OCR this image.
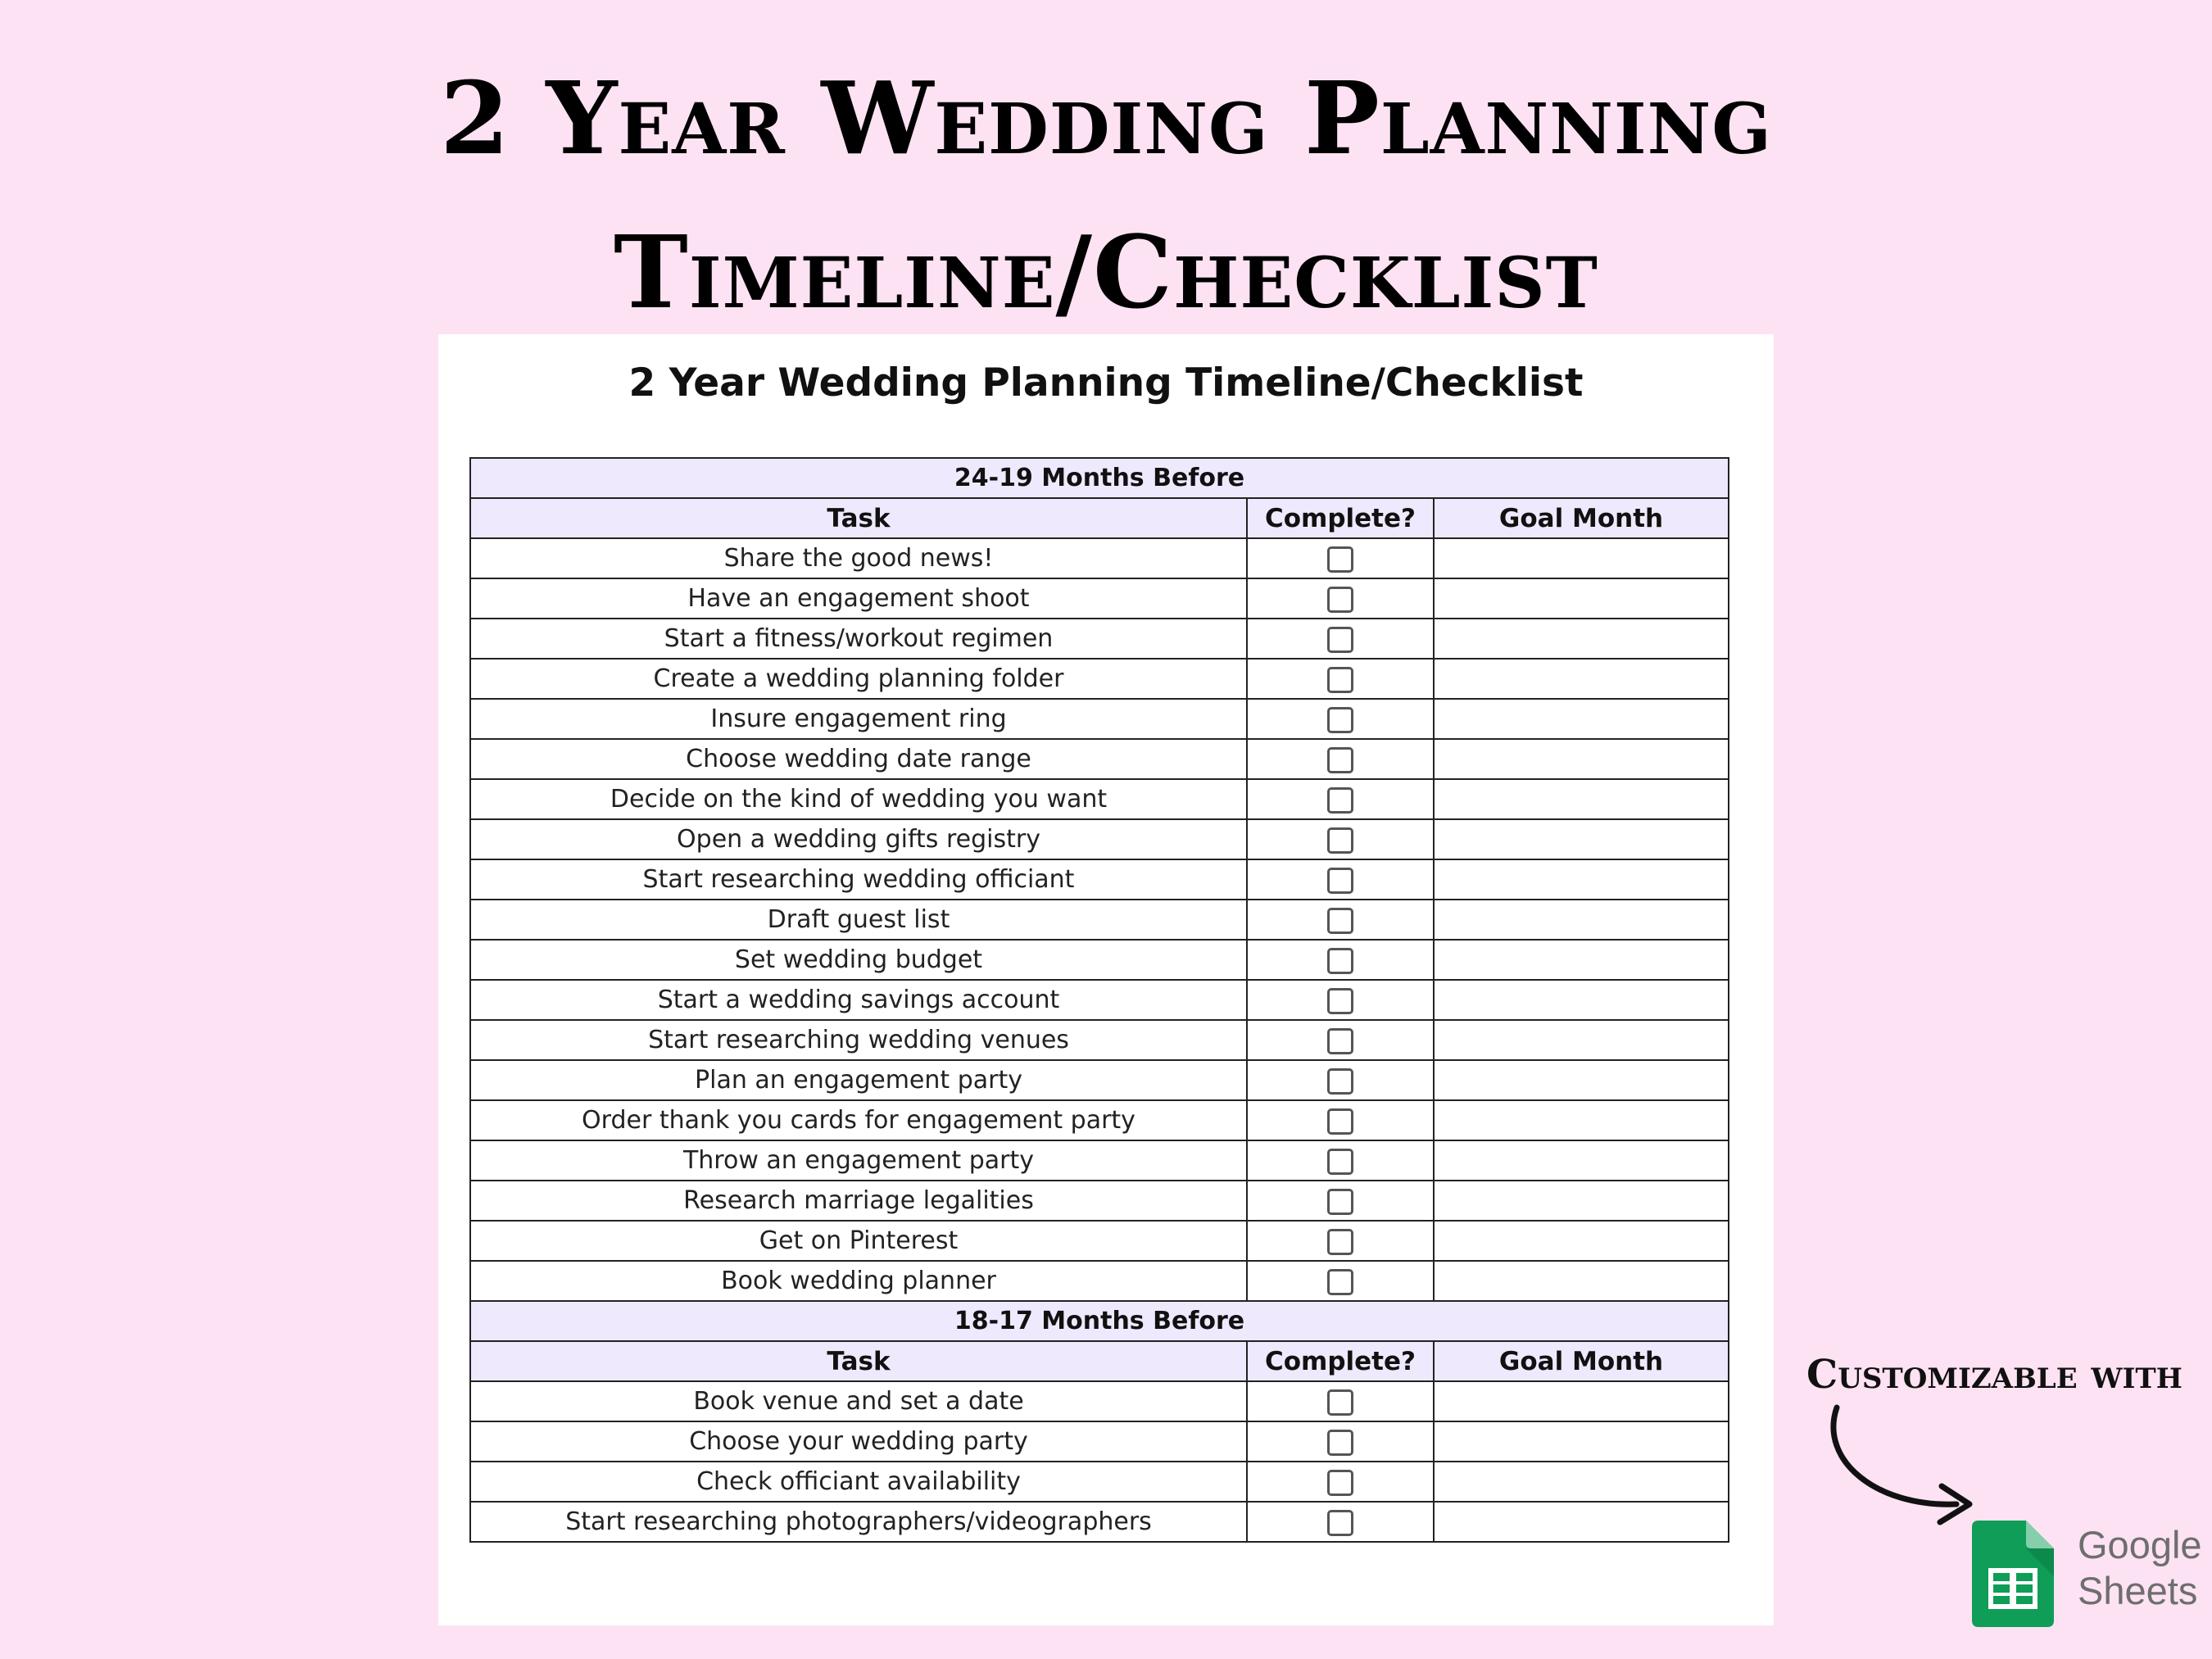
2 Year Wedding Planning
Timeline/Checklist
2 Year Wedding Planning Timeline/Checklist
24-19 Months Before		
Task	Complete?	Goal Month
Share the good news!		
Have an engagement shoot		
Start a fitness/workout regimen		
Create a wedding planning folder		
Insure engagement ring		
Choose wedding date range		
Decide on the kind of wedding you want		
Open a wedding gifts registry		
Start researching wedding officiant		
Draft guest list		
Set wedding budget		
Start a wedding savings account		
Start researching wedding venues		
Plan an engagement party		
Order thank you cards for engagement party		
Throw an engagement party		
Research marriage legalities		
Get on Pinterest		
Book wedding planner		
18-17 Months Before		
Task	Complete?	Goal Month
Book venue and set a date		
Choose your wedding party		
Check officiant availability		
Start researching photographers/videographers		
Customizable with
Google
Sheets
